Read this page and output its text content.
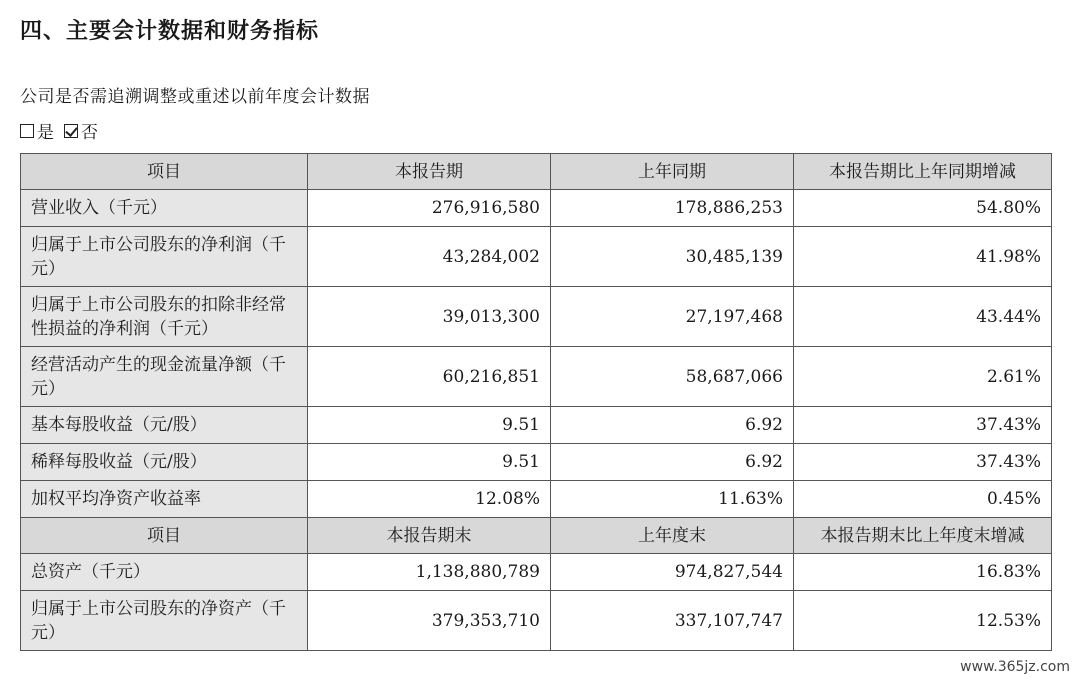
四、主要会计数据和财务指标
公司是否需追溯调整或重述以前年度会计数据
是 否
项目	本报告期	上年同期	本报告期比上年同期增减
营业收入（千元）	276,916,580	178,886,253	54.80%
归属于上市公司股东的净利润（千元）	43,284,002	30,485,139	41.98%
归属于上市公司股东的扣除非经常性损益的净利润（千元）	39,013,300	27,197,468	43.44%
经营活动产生的现金流量净额（千元）	60,216,851	58,687,066	2.61%
基本每股收益（元/股）	9.51	6.92	37.43%
稀释每股收益（元/股）	9.51	6.92	37.43%
加权平均净资产收益率	12.08%	11.63%	0.45%
项目	本报告期末	上年度末	本报告期末比上年度末增减
总资产（千元）	1,138,880,789	974,827,544	16.83%
归属于上市公司股东的净资产（千元）	379,353,710	337,107,747	12.53%
www.365jz.com
